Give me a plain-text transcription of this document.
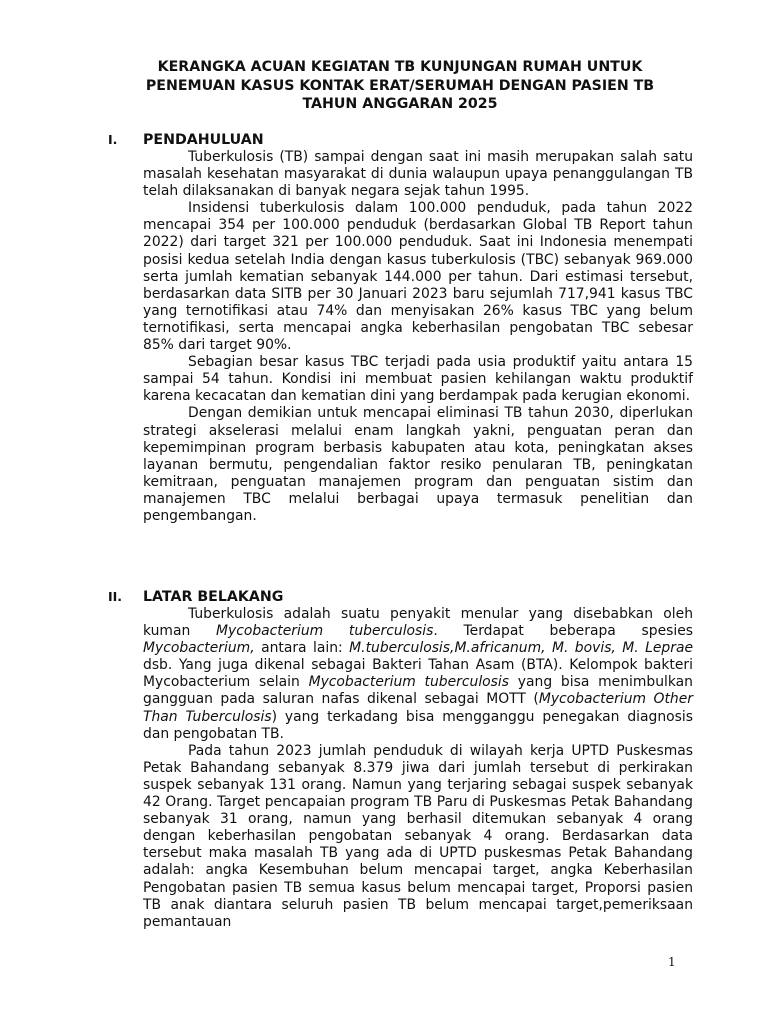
KERANGKA ACUAN KEGIATAN TB KUNJUNGAN RUMAH UNTUK
PENEMUAN KASUS KONTAK ERAT/SERUMAH DENGAN PASIEN TB
TAHUN ANGGARAN 2025
I. PENDAHULUAN

Tuberkulosis (TB) sampai dengan saat ini masih merupakan salah satu masalah kesehatan masyarakat di dunia walaupun upaya penanggulangan TB telah dilaksanakan di banyak negara sejak tahun 1995.

Insidensi tuberkulosis dalam 100.000 penduduk, pada tahun 2022 mencapai 354 per 100.000 penduduk (berdasarkan Global TB Report tahun 2022) dari target 321 per 100.000 penduduk. Saat ini Indonesia menempati posisi kedua setelah India dengan kasus tuberkulosis (TBC) sebanyak 969.000 serta jumlah kematian sebanyak 144.000 per tahun. Dari estimasi tersebut, berdasarkan data SITB per 30 Januari 2023 baru sejumlah 717,941 kasus TBC yang ternotifikasi atau 74% dan menyisakan 26% kasus TBC yang belum ternotifikasi, serta mencapai angka keberhasilan pengobatan TBC sebesar 85% dari target 90%.

Sebagian besar kasus TBC terjadi pada usia produktif yaitu antara 15 sampai 54 tahun. Kondisi ini membuat pasien kehilangan waktu produktif karena kecacatan dan kematian dini yang berdampak pada kerugian ekonomi.

Dengan demikian untuk mencapai eliminasi TB tahun 2030, diperlukan strategi akselerasi melalui enam langkah yakni, penguatan peran dan kepemimpinan program berbasis kabupaten atau kota, peningkatan akses layanan bermutu, pengendalian faktor resiko penularan TB, peningkatan kemitraan, penguatan manajemen program dan penguatan sistim dan manajemen TBC melalui berbagai upaya termasuk penelitian dan pengembangan.

II. LATAR BELAKANG

Tuberkulosis adalah suatu penyakit menular yang disebabkan oleh kuman Mycobacterium tuberculosis. Terdapat beberapa spesies Mycobacterium, antara lain: M.tuberculosis,M.africanum, M. bovis, M. Leprae dsb. Yang juga dikenal sebagai Bakteri Tahan Asam (BTA). Kelompok bakteri Mycobacterium selain Mycobacterium tuberculosis yang bisa menimbulkan gangguan pada saluran nafas dikenal sebagai MOTT (Mycobacterium Other Than Tuberculosis) yang terkadang bisa mengganggu penegakan diagnosis dan pengobatan TB.

Pada tahun 2023 jumlah penduduk di wilayah kerja UPTD Puskesmas Petak Bahandang sebanyak 8.379 jiwa dari jumlah tersebut di perkirakan suspek sebanyak 131 orang. Namun yang terjaring sebagai suspek sebanyak 42 Orang. Target pencapaian program TB Paru di Puskesmas Petak Bahandang sebanyak 31 orang, namun yang berhasil ditemukan sebanyak 4 orang dengan keberhasilan pengobatan sebanyak 4 orang. Berdasarkan data tersebut maka masalah TB yang ada di UPTD puskesmas Petak Bahandang adalah: angka Kesembuhan belum mencapai target, angka Keberhasilan Pengobatan pasien TB semua kasus belum mencapai target, Proporsi pasien TB anak diantara seluruh pasien TB belum mencapai target,pemeriksaan pemantauan

1
